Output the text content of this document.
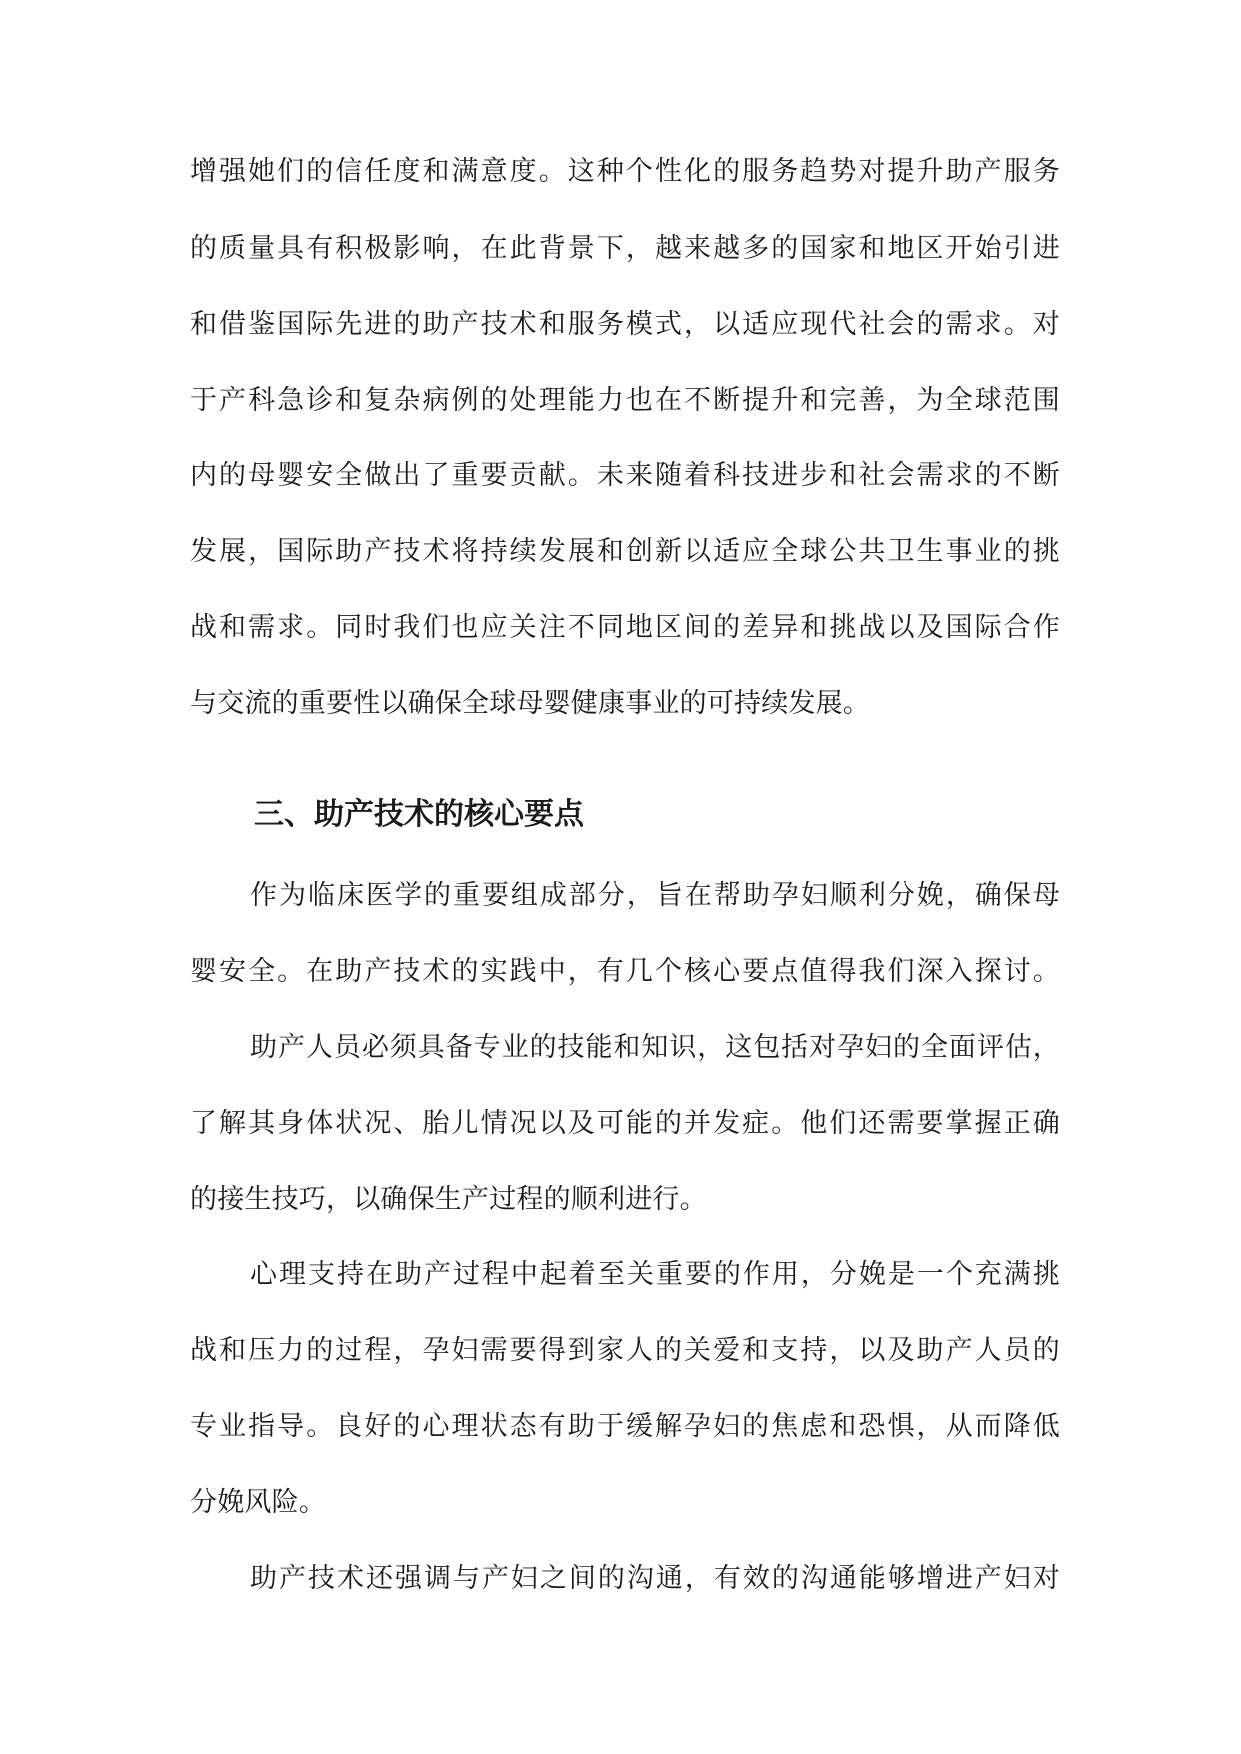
增强她们的信任度和满意度。这种个性化的服务趋势对提升助产服务
的质量具有积极影响，在此背景下，越来越多的国家和地区开始引进
和借鉴国际先进的助产技术和服务模式，以适应现代社会的需求。对
于产科急诊和复杂病例的处理能力也在不断提升和完善，为全球范围
内的母婴安全做出了重要贡献。未来随着科技进步和社会需求的不断
发展，国际助产技术将持续发展和创新以适应全球公共卫生事业的挑
战和需求。同时我们也应关注不同地区间的差异和挑战以及国际合作
与交流的重要性以确保全球母婴健康事业的可持续发展。
三、助产技术的核心要点
作为临床医学的重要组成部分，旨在帮助孕妇顺利分娩，确保母
婴安全。在助产技术的实践中，有几个核心要点值得我们深入探讨。
助产人员必须具备专业的技能和知识，这包括对孕妇的全面评估，
了解其身体状况、胎儿情况以及可能的并发症。他们还需要掌握正确
的接生技巧，以确保生产过程的顺利进行。
心理支持在助产过程中起着至关重要的作用，分娩是一个充满挑
战和压力的过程，孕妇需要得到家人的关爱和支持，以及助产人员的
专业指导。良好的心理状态有助于缓解孕妇的焦虑和恐惧，从而降低
分娩风险。
助产技术还强调与产妇之间的沟通，有效的沟通能够增进产妇对
